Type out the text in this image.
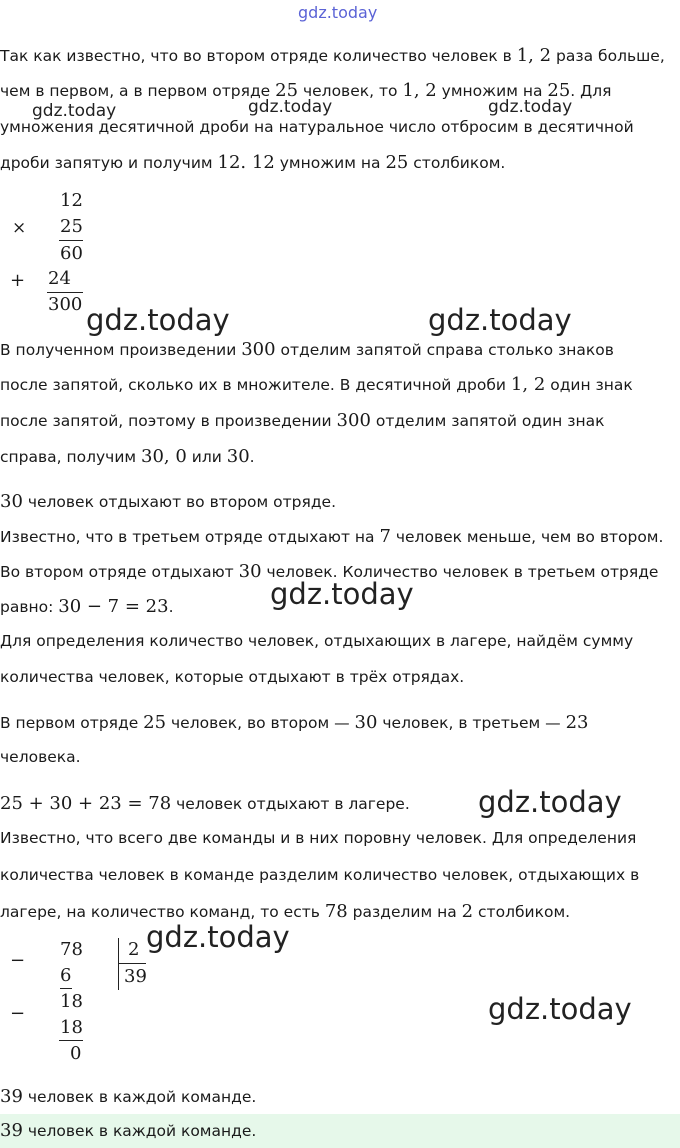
gdz.today
gdz.today	gdz.today	gdz.today
gdz.today	gdz.today
gdz.today
gdz.today
gdz.today
gdz.today
Так как известно, что во втором отряде количество человек в 1, 2 раза больше,
чем в первом, а в первом отряде 25 человек, то 1, 2 умножим на 25. Для
умножения десятичной дроби на натуральное число отбросим в десятичной
дроби запятую и получим 12. 12 умножим на 25 столбиком.
12
× 25
60
+ 24
300
В полученном произведении 300 отделим запятой справа столько знаков
после запятой, сколько их в множителе. В десятичной дроби 1, 2 один знак
после запятой, поэтому в произведении 300 отделим запятой один знак
справа, получим 30, 0 или 30.
30 человек отдыхают во втором отряде.
Известно, что в третьем отряде отдыхают на 7 человек меньше, чем во втором.
Во втором отряде отдыхают 30 человек. Количество человек в третьем отряде
равно: 30 − 7 = 23.
Для определения количество человек, отдыхающих в лагере, найдём сумму
количества человек, которые отдыхают в трёх отрядах.
В первом отряде 25 человек, во втором — 30 человек, в третьем — 23
человека.
25 + 30 + 23 = 78 человек отдыхают в лагере.
Известно, что всего две команды и в них поровну человек. Для определения
количества человек в команде разделим количество человек, отдыхающих в
лагере, на количество команд, то есть 78 разделим на 2 столбиком.
−
78	2
6	39
18
−
18
0
39 человек в каждой команде.
39 человек в каждой команде.
